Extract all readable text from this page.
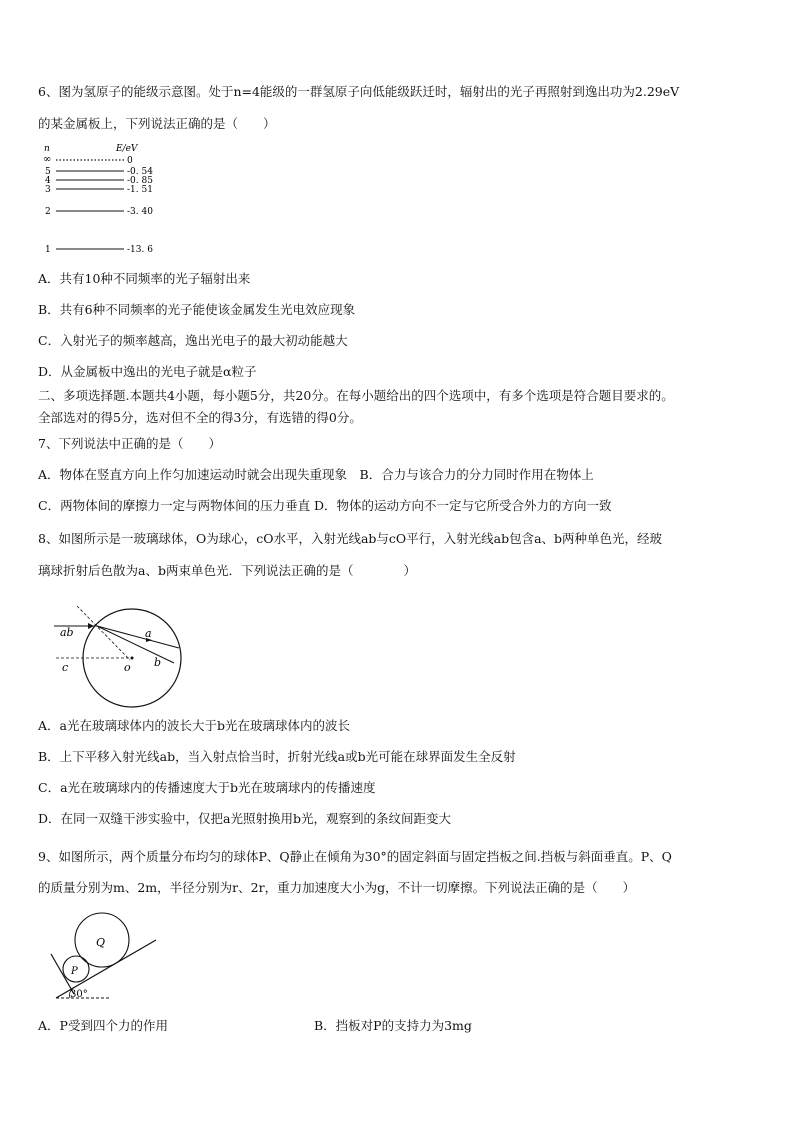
6、图为氢原子的能级示意图。处于n=4能级的一群氢原子向低能级跃迁时，辐射出的光子再照射到逸出功为2.29eV
的某金属板上，下列说法正确的是（　　）
n	E/eV
∞	0
5	-0. 54
4	-0. 85
3	-1. 51
2	-3. 40
1	-13. 6
A．共有10种不同频率的光子辐射出来
B．共有6种不同频率的光子能使该金属发生光电效应现象
C．入射光子的频率越高，逸出光电子的最大初动能越大
D．从金属板中逸出的光电子就是α粒子
二、多项选择题.本题共4小题，每小题5分，共20分。在每小题给出的四个选项中，有多个选项是符合题目要求的。
全部选对的得5分，选对但不全的得3分，有选错的得0分。
7、下列说法中正确的是（　　）
A．物体在竖直方向上作匀加速运动时就会出现失重现象　B．合力与该合力的分力同时作用在物体上
C．两物体间的摩擦力一定与两物体间的压力垂直 D．物体的运动方向不一定与它所受合外力的方向一致
8、如图所示是一玻璃球体，O为球心，cO水平，入射光线ab与cO平行，入射光线ab包含a、b两种单色光，经玻
璃球折射后色散为a、b两束单色光．下列说法正确的是（　　　　）
ab	a
b
c	o
A．a光在玻璃球体内的波长大于b光在玻璃球体内的波长
B．上下平移入射光线ab，当入射点恰当时，折射光线a或b光可能在球界面发生全反射
C．a光在玻璃球内的传播速度大于b光在玻璃球内的传播速度
D．在同一双缝干涉实验中，仅把a光照射换用b光，观察到的条纹间距变大
9、如图所示，两个质量分布均匀的球体P、Q静止在倾角为30°的固定斜面与固定挡板之间.挡板与斜面垂直。P、Q
的质量分别为m、2m，半径分别为r、2r，重力加速度大小为g，不计一切摩擦。下列说法正确的是（　　）
Q
P
30°
A．P受到四个力的作用	B．挡板对P的支持力为3mg
